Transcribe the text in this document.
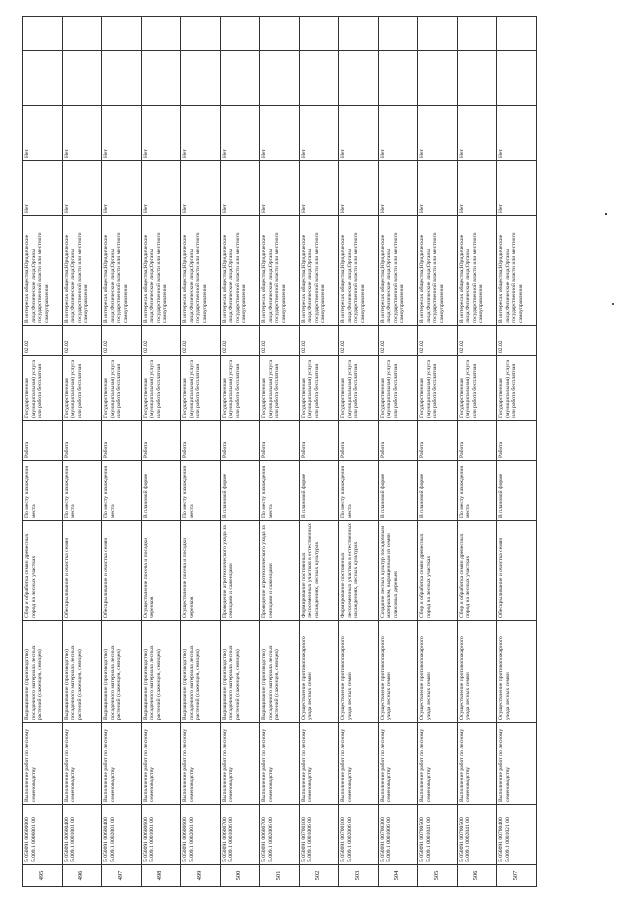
495	5 050091 00600000 5.009.1 0006001 00	Выполнение работ по лесному семеноводству	Выращивание (производство) посадочного материала лесных растений (саженцев, сеянцев)	Сбор и обработка семян древесных пород на лесных участках	По месту нахождения места	Работа	Государственная (муниципальная) услуга или работа бесплатная	02.02	В интересах общества;Юридические лица;Физические лица;Органы государственной власти или местного самоуправления	Нет	Нет		
496	5 050091 00600400 5.009.1 0001001 00	Выполнение работ по лесному семеноводству	Выращивание (производство) посадочного материала лесных растений (саженцев, сеянцев)	Обескрыливание и очистка семян	По месту нахождения места	Работа	Государственная (муниципальная) услуга или работа бесплатная	02.02	В интересах общества;Юридические лица;Физические лица;Органы государственной власти или местного самоуправления	Нет	Нет		
497	5 050091 00600400 5.009.1 0002001 00	Выполнение работ по лесному семеноводству	Выращивание (производство) посадочного материала лесных растений (саженцев, сеянцев)	Обескрыливание и очистка семян	По месту нахождения места	Работа	Государственная (муниципальная) услуга или работа бесплатная	02.02	В интересах общества;Юридические лица;Физические лица;Органы государственной власти или местного самоуправления	Нет	Нет		
498	5 050091 00600600 5.009.1 0001001 00	Выполнение работ по лесному семеноводству	Выращивание (производство) посадочного материала лесных растений (саженцев, сеянцев)	Осуществление посева и посадки черенков	В плановой форме	Работа	Государственная (муниципальная) услуга или работа бесплатная	02.02	В интересах общества;Юридические лица;Физические лица;Органы государственной власти или местного самоуправления	Нет	Нет		
499	5 050091 00600600 5.009.1 0002001 00	Выполнение работ по лесному семеноводству	Выращивание (производство) посадочного материала лесных растений (саженцев, сеянцев)	Осуществление посева и посадки черенков	По месту нахождения места	Работа	Государственная (муниципальная) услуга или работа бесплатная	02.02	В интересах общества;Юридические лица;Физические лица;Органы государственной власти или местного самоуправления	Нет	Нет		
500	5 050091 00600700 5.009.1 0001006 00	Выполнение работ по лесному семеноводству	Выращивание (производство) посадочного материала лесных растений (саженцев, сеянцев)	Проведение агротехнического ухода за сеянцами и саженцами	В плановой форме	Работа	Государственная (муниципальная) услуга или работа бесплатная	02.02	В интересах общества;Юридические лица;Физические лица;Органы государственной власти или местного самоуправления	Нет	Нет		
501	5 050091 00600700 5.009.1 0002006 00	Выполнение работ по лесному семеноводству	Выращивание (производство) посадочного материала лесных растений (саженцев, сеянцев)	Проведение агротехнического ухода за сеянцами и саженцами	По месту нахождения места	Работа	Государственная (муниципальная) услуга или работа бесплатная	02.02	В интересах общества;Юридические лица;Физические лица;Органы государственной власти или местного самоуправления	Нет	Нет		
502	5 050091 00700100 5.009.1 0001006 00	Выполнение работ по лесному семеноводству	Осуществление противопожарного ухода лесных семян	Формирование постоянных лесосеменных участков в естественных насаждениях, лесных культурах	В плановой форме	Работа	Государственная (муниципальная) услуга или работа бесплатная	02.02	В интересах общества;Юридические лица;Физические лица;Органы государственной власти или местного самоуправления	Нет	Нет		
503	5 050091 00700100 5.009.1 0002006 00	Выполнение работ по лесному семеноводству	Осуществление противопожарного ухода лесных семян	Формирование постоянных лесосеменных участков в естественных насаждениях, лесных культурах	По месту нахождения места	Работа	Государственная (муниципальная) услуга или работа бесплатная	02.02	В интересах общества;Юридические лица;Физические лица;Органы государственной власти или местного самоуправления	Нет	Нет		
504	5 050091 00700300 5.009.1 0001006 00	Выполнение работ по лесному семеноводству	Осуществление противопожарного ухода лесных семян	Создание лесных культур посадочным материалом, выращенным из семян плюсовых деревьев	В плановой форме	Работа	Государственная (муниципальная) услуга или работа бесплатная	02.02	В интересах общества;Юридические лица;Физические лица;Органы государственной власти или местного самоуправления	Нет	Нет		
505	5 050091 00700500 5.009.1 0001041 00	Выполнение работ по лесному семеноводству	Осуществление противопожарного ухода лесных семян	Сбор и обработка семян древесных пород на лесных участках	В плановой форме	Работа	Государственная (муниципальная) услуга или работа бесплатная	02.02	В интересах общества;Юридические лица;Физические лица;Органы государственной власти или местного самоуправления	Нет	Нет		
506	5 050091 00700500 5.009.1 0002041 00	Выполнение работ по лесному семеноводству	Осуществление противопожарного ухода лесных семян	Сбор и обработка семян древесных пород на лесных участках	По месту нахождения места	Работа	Государственная (муниципальная) услуга или работа бесплатная	02.02	В интересах общества;Юридические лица;Физические лица;Органы государственной власти или местного самоуправления	Нет	Нет		
507	5 050091 00700400 5.009.1 0001021 00	Выполнение работ по лесному семеноводству	Осуществление противопожарного ухода лесных семян	Обескрыливание и очистка семян	В плановой форме	Работа	Государственная (муниципальная) услуга или работа бесплатная	02.02	В интересах общества;Юридические лица;Физические лица;Органы государственной власти или местного самоуправления	Нет	Нет		
